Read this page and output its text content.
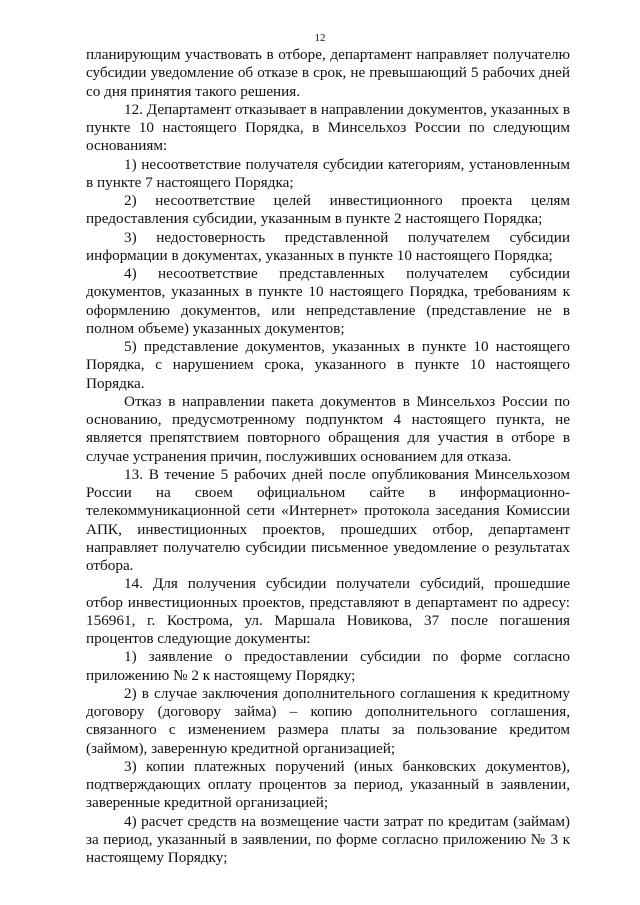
12

планирующим участвовать в отборе, департамент направляет получателю субсидии уведомление об отказе в срок, не превышающий 5 рабочих дней со дня принятия такого решения.

12. Департамент отказывает в направлении документов, указанных в пункте 10 настоящего Порядка, в Минсельхоз России по следующим основаниям:

1) несоответствие получателя субсидии категориям, установленным в пункте 7 настоящего Порядка;

2) несоответствие целей инвестиционного проекта целям предоставления субсидии, указанным в пункте 2 настоящего Порядка;

3) недостоверность представленной получателем субсидии информации в документах, указанных в пункте 10 настоящего Порядка;

4) несоответствие представленных получателем субсидии документов, указанных в пункте 10 настоящего Порядка, требованиям к оформлению документов, или непредставление (представление не в полном объеме) указанных документов;

5) представление документов, указанных в пункте 10 настоящего Порядка, с нарушением срока, указанного в пункте 10 настоящего Порядка.

Отказ в направлении пакета документов в Минсельхоз России по основанию, предусмотренному подпунктом 4 настоящего пункта, не является препятствием повторного обращения для участия в отборе в случае устранения причин, послуживших основанием для отказа.

13. В течение 5 рабочих дней после опубликования Минсельхозом России на своем официальном сайте в информационно-телекоммуникационной сети «Интернет» протокола заседания Комиссии АПК, инвестиционных проектов, прошедших отбор, департамент направляет получателю субсидии письменное уведомление о результатах отбора.

14. Для получения субсидии получатели субсидий, прошедшие отбор инвестиционных проектов, представляют в департамент по адресу: 156961, г. Кострома, ул. Маршала Новикова, 37 после погашения процентов следующие документы:

1) заявление о предоставлении субсидии по форме согласно приложению № 2 к настоящему Порядку;

2) в случае заключения дополнительного соглашения к кредитному договору (договору займа) – копию дополнительного соглашения, связанного с изменением размера платы за пользование кредитом (займом), заверенную кредитной организацией;

3) копии платежных поручений (иных банковских документов), подтверждающих оплату процентов за период, указанный в заявлении, заверенные кредитной организацией;

4) расчет средств на возмещение части затрат по кредитам (займам) за период, указанный в заявлении, по форме согласно приложению № 3 к настоящему Порядку;
